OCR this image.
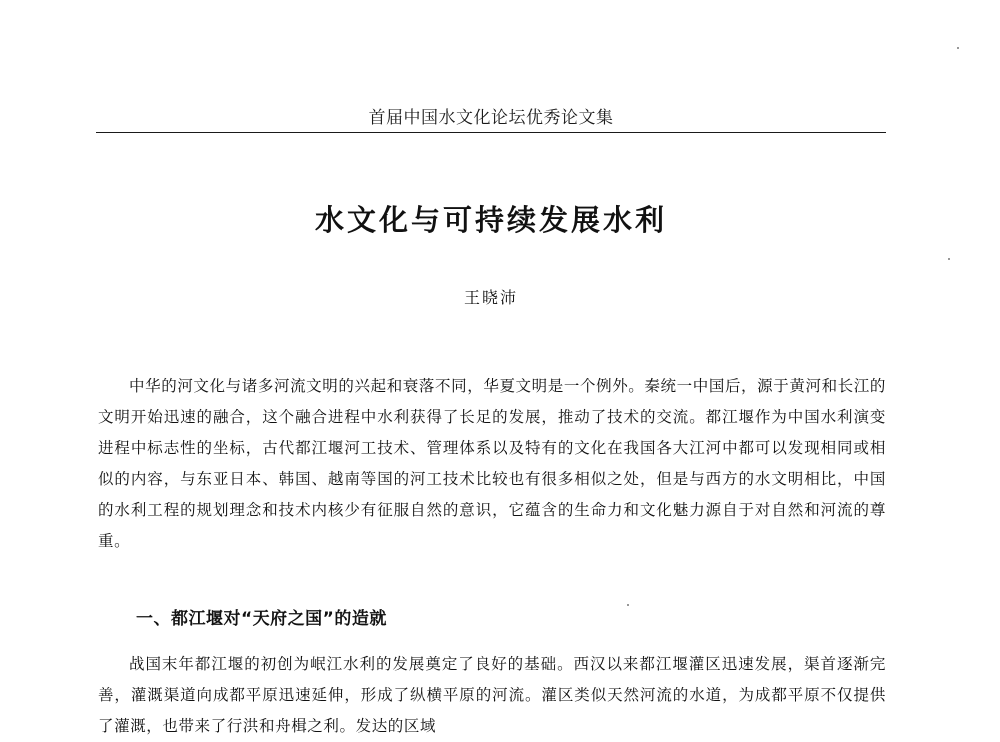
首届中国水文化论坛优秀论文集
水文化与可持续发展水利
王晓沛

中华的河文化与诸多河流文明的兴起和衰落不同，华夏文明是一个例外。秦统一中国后，源于黄河和长江的文明开始迅速的融合，这个融合进程中水利获得了长足的发展，推动了技术的交流。都江堰作为中国水利演变进程中标志性的坐标，古代都江堰河工技术、管理体系以及特有的文化在我国各大江河中都可以发现相同或相似的内容，与东亚日本、韩国、越南等国的河工技术比较也有很多相似之处，但是与西方的水文明相比，中国的水利工程的规划理念和技术内核少有征服自然的意识，它蕴含的生命力和文化魅力源自于对自然和河流的尊重。

一、都江堰对“天府之国”的造就

战国末年都江堰的初创为岷江水利的发展奠定了良好的基础。西汉以来都江堰灌区迅速发展，渠首逐渐完善，灌溉渠道向成都平原迅速延伸，形成了纵横平原的河流。灌区类似天然河流的水道，为成都平原不仅提供了灌溉，也带来了行洪和舟楫之利。发达的区域
